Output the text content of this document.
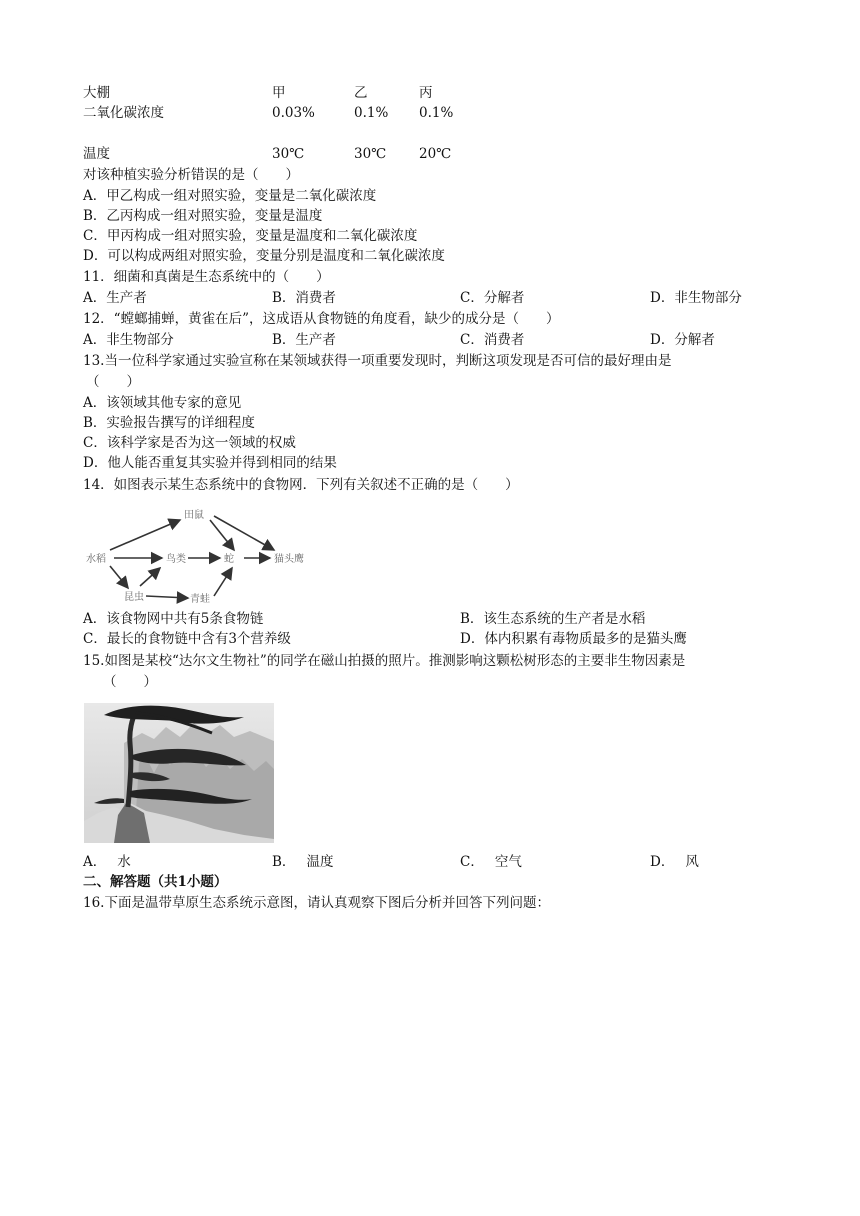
大棚	甲	乙	丙
二氧化碳浓度	0.03%	0.1% 0.1%
温度	30℃	30℃ 20℃
对该种植实验分析错误的是（　　）
A．甲乙构成一组对照实验，变量是二氧化碳浓度
B．乙丙构成一组对照实验，变量是温度
C．甲丙构成一组对照实验，变量是温度和二氧化碳浓度
D．可以构成两组对照实验，变量分别是温度和二氧化碳浓度
11．细菌和真菌是生态系统中的（　　）
A．生产者	B．消费者	C．分解者	D．非生物部分
12．“螳螂捕蝉，黄雀在后”，这成语从食物链的角度看，缺少的成分是（　　）
A．非生物部分	B．生产者	C．消费者	D．分解者
13.当一位科学家通过实验宣称在某领域获得一项重要发现时，判断这项发现是否可信的最好理由是
（　　）
A．该领域其他专家的意见
B．实验报告撰写的详细程度
C．该科学家是否为这一领域的权威
D．他人能否重复其实验并得到相同的结果
14．如图表示某生态系统中的食物网．下列有关叙述不正确的是（　　）
水稻
田鼠
鸟类	蛇	猫头鹰
昆虫	青蛙
A．该食物网中共有5条食物链	B．该生态系统的生产者是水稻
C．最长的食物链中含有3个营养级	D．体内积累有毒物质最多的是猫头鹰
15.如图是某校“达尔文生物社”的同学在磁山拍摄的照片。推测影响这颗松树形态的主要非生物因素是
（　　）
A．　 水	B．　 温度	C．　 空气	D．　 风
二、解答题（共1小题）
16.下面是温带草原生态系统示意图，请认真观察下图后分析并回答下列问题：
